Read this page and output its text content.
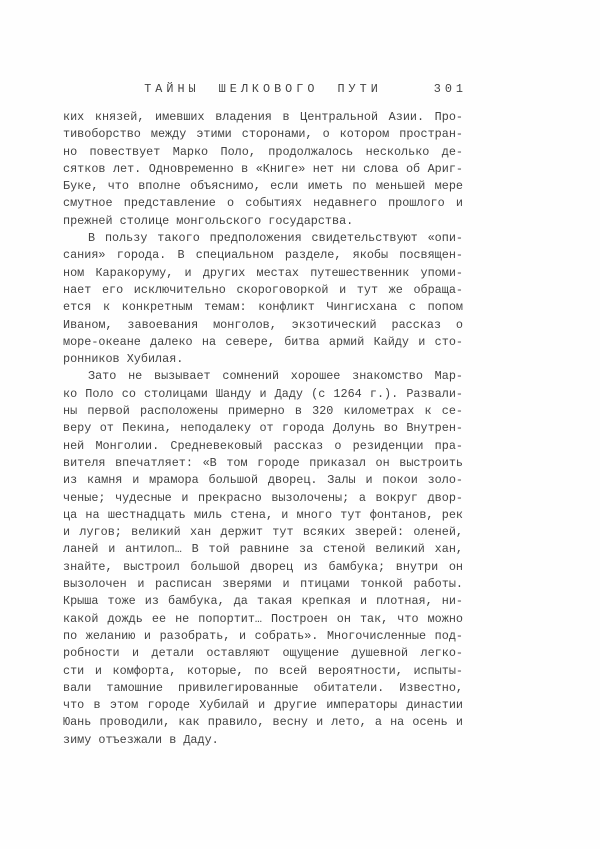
ТАЙНЫ ШЕЛКОВОГО ПУТИ	301
ких князей, имевших владения в Центральной Азии. Про-
тивоборство между этими сторонами, о котором простран-
но повествует Марко Поло, продолжалось несколько де-
сятков лет. Одновременно в «Книге» нет ни слова об Ариг-
Буке, что вполне объяснимо, если иметь по меньшей мере
смутное представление о событиях недавнего прошлого и
прежней столице монгольского государства.
В пользу такого предположения свидетельствуют «опи-
сания» города. В специальном разделе, якобы посвящен-
ном Каракоруму, и других местах путешественник упоми-
нает его исключительно скороговоркой и тут же обраща-
ется к конкретным темам: конфликт Чингисхана с попом
Иваном, завоевания монголов, экзотический рассказ о
море-океане далеко на севере, битва армий Кайду и сто-
ронников Хубилая.
Зато не вызывает сомнений хорошее знакомство Мар-
ко Поло со столицами Шанду и Даду (с 1264 г.). Развали-
ны первой расположены примерно в 320 километрах к се-
веру от Пекина, неподалеку от города Долунь во Внутрен-
ней Монголии. Средневековый рассказ о резиденции пра-
вителя впечатляет: «В том городе приказал он выстроить
из камня и мрамора большой дворец. Залы и покои золо-
ченые; чудесные и прекрасно вызолочены; а вокруг двор-
ца на шестнадцать миль стена, и много тут фонтанов, рек
и лугов; великий хан держит тут всяких зверей: оленей,
ланей и антилоп… В той равнине за стеной великий хан,
знайте, выстроил большой дворец из бамбука; внутри он
вызолочен и расписан зверями и птицами тонкой работы.
Крыша тоже из бамбука, да такая крепкая и плотная, ни-
какой дождь ее не попортит… Построен он так, что можно
по желанию и разобрать, и собрать». Многочисленные под-
робности и детали оставляют ощущение душевной легко-
сти и комфорта, которые, по всей вероятности, испыты-
вали тамошние привилегированные обитатели. Известно,
что в этом городе Хубилай и другие императоры династии
Юань проводили, как правило, весну и лето, а на осень и
зиму отъезжали в Даду.
